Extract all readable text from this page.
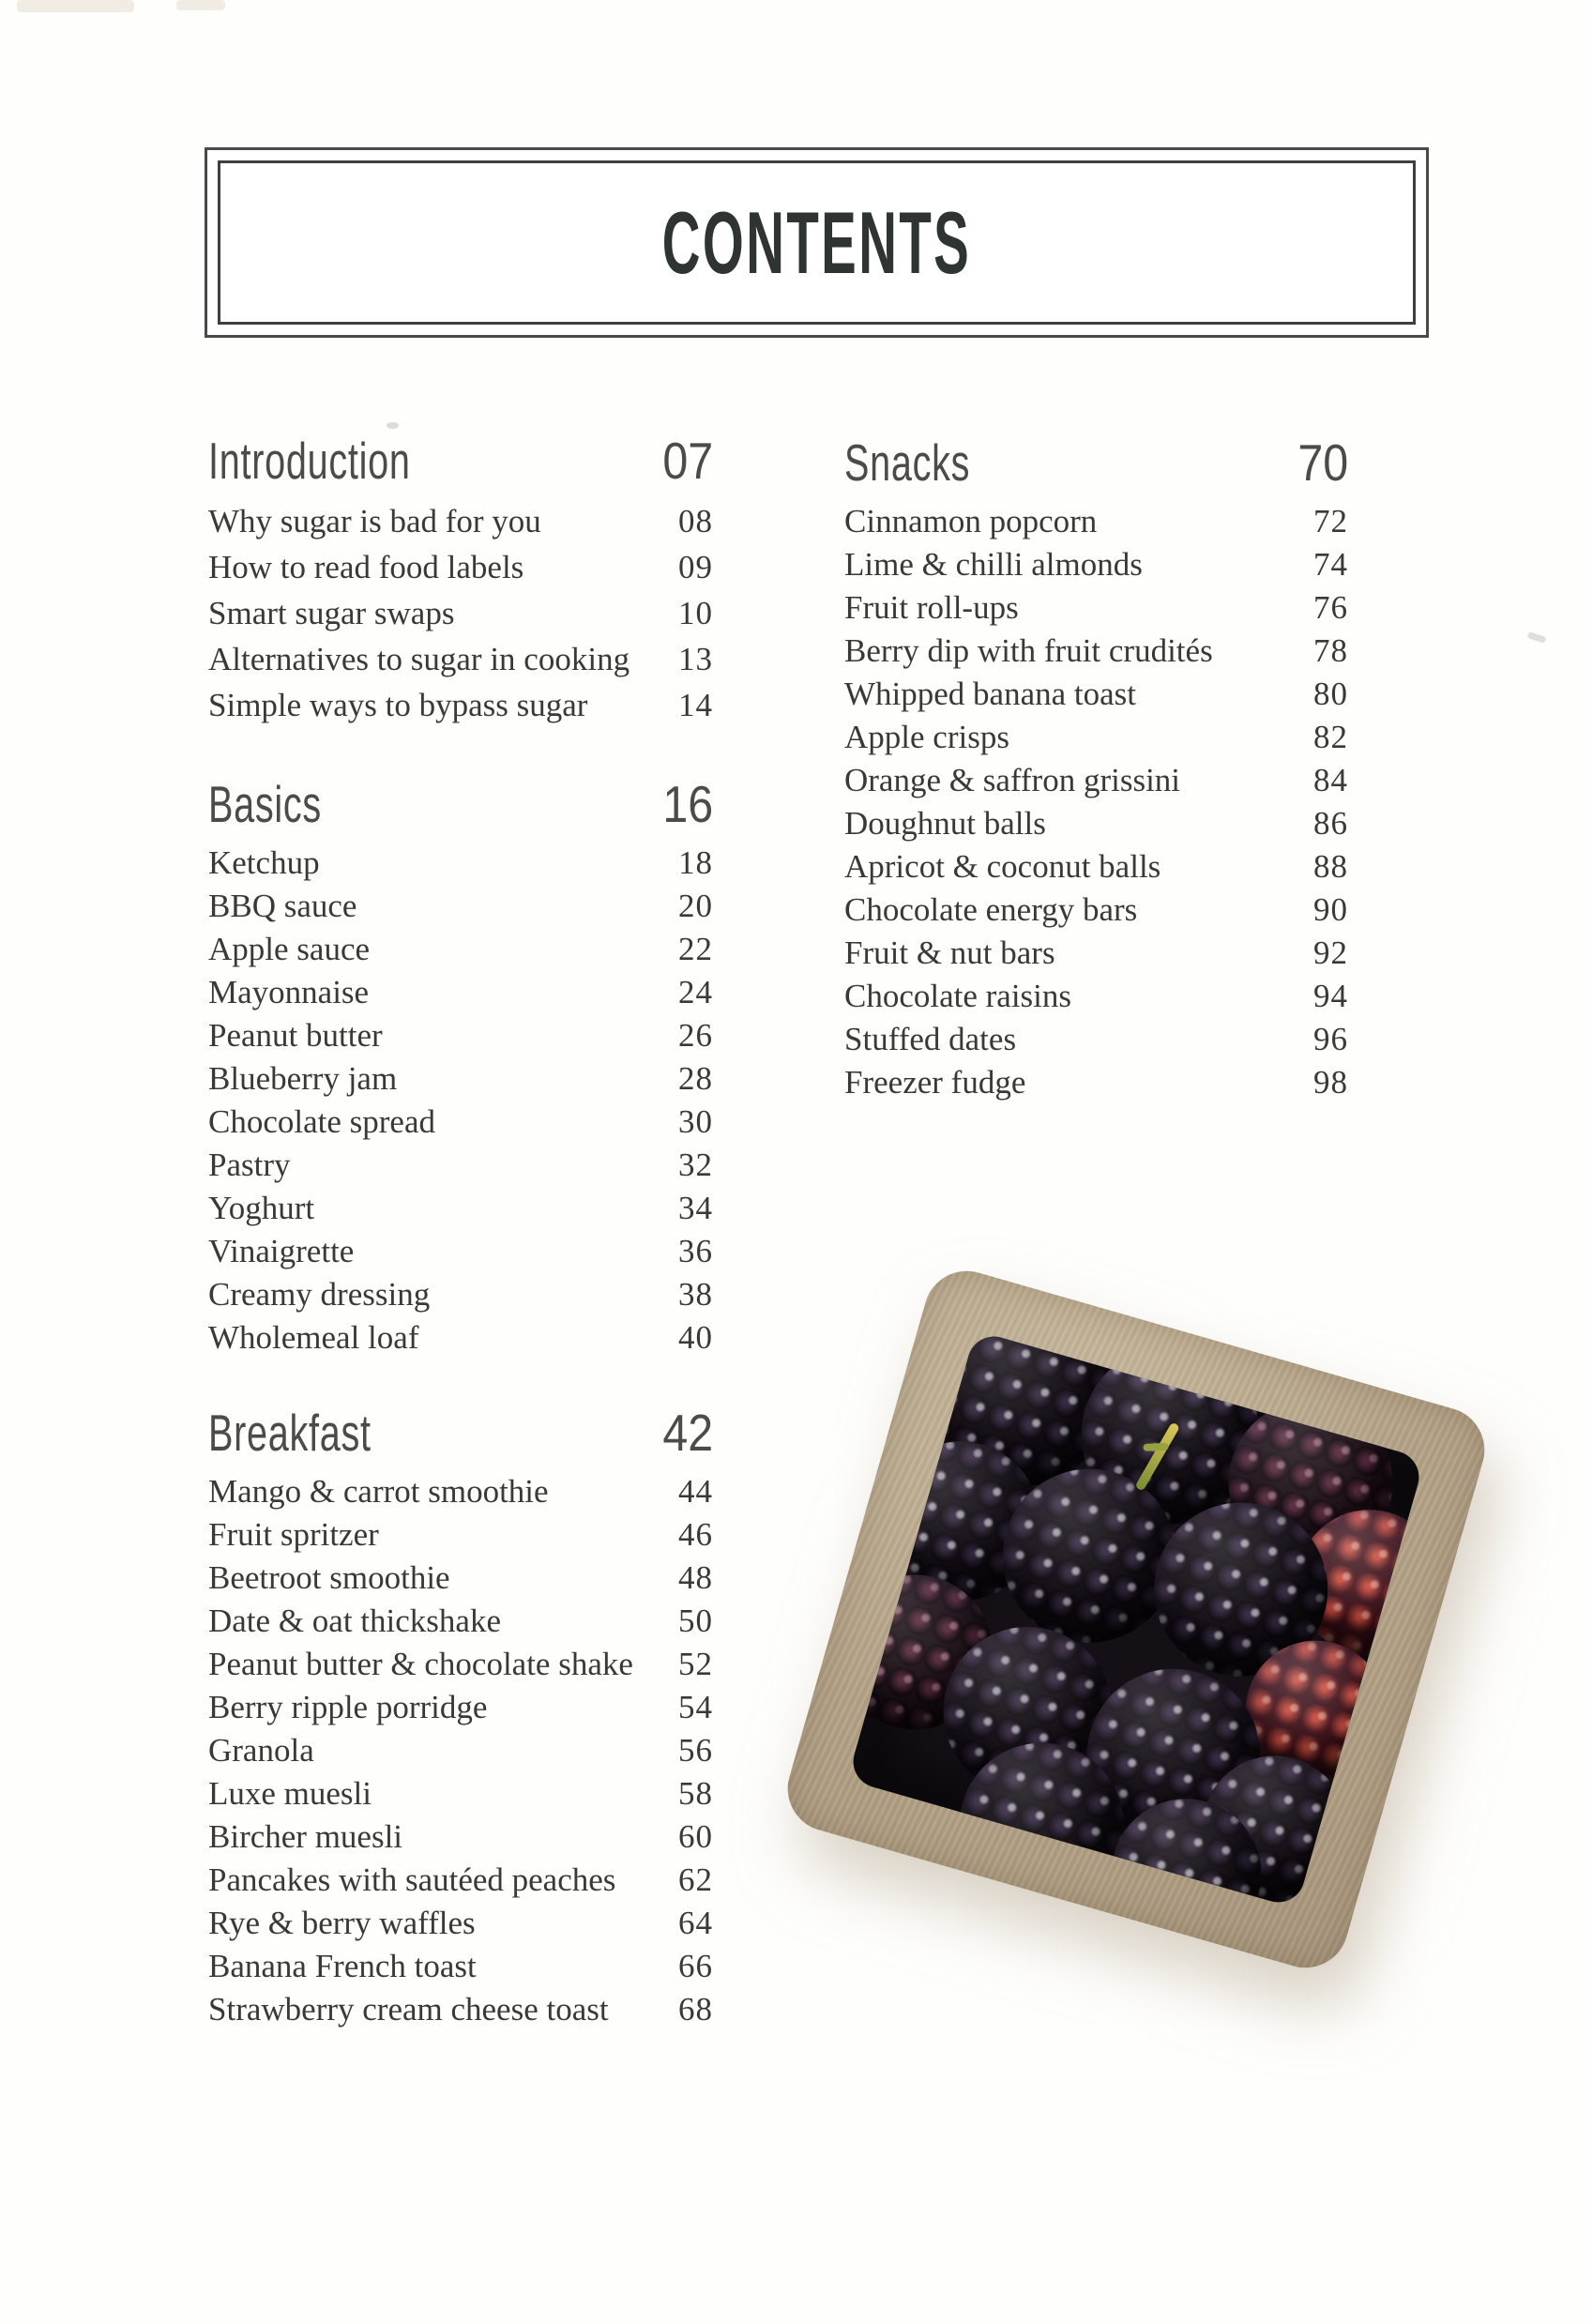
CONTENTS
Introduction	07
Why sugar is bad for you	08
How to read food labels	09
Smart sugar swaps	10
Alternatives to sugar in cooking 13
Simple ways to bypass sugar	14
Basics	16
Ketchup	18
BBQ sauce	20
Apple sauce	22
Mayonnaise	24
Peanut butter	26
Blueberry jam	28
Chocolate spread	30
Pastry	32
Yoghurt	34
Vinaigrette	36
Creamy dressing	38
Wholemeal loaf	40
Breakfast	42
Mango & carrot smoothie	44
Fruit spritzer	46
Beetroot smoothie	48
Date & oat thickshake	50
Peanut butter & chocolate shake 52
Berry ripple porridge	54
Granola	56
Luxe muesli	58
Bircher muesli	60
Pancakes with sautéed peaches 62
Rye & berry waffles	64
Banana French toast	66
Strawberry cream cheese toast 68
Snacks	70
Cinnamon popcorn	72
Lime & chilli almonds	74
Fruit roll-ups	76
Berry dip with fruit crudités	78
Whipped banana toast	80
Apple crisps	82
Orange & saffron grissini	84
Doughnut balls	86
Apricot & coconut balls	88
Chocolate energy bars	90
Fruit & nut bars	92
Chocolate raisins	94
Stuffed dates	96
Freezer fudge	98
